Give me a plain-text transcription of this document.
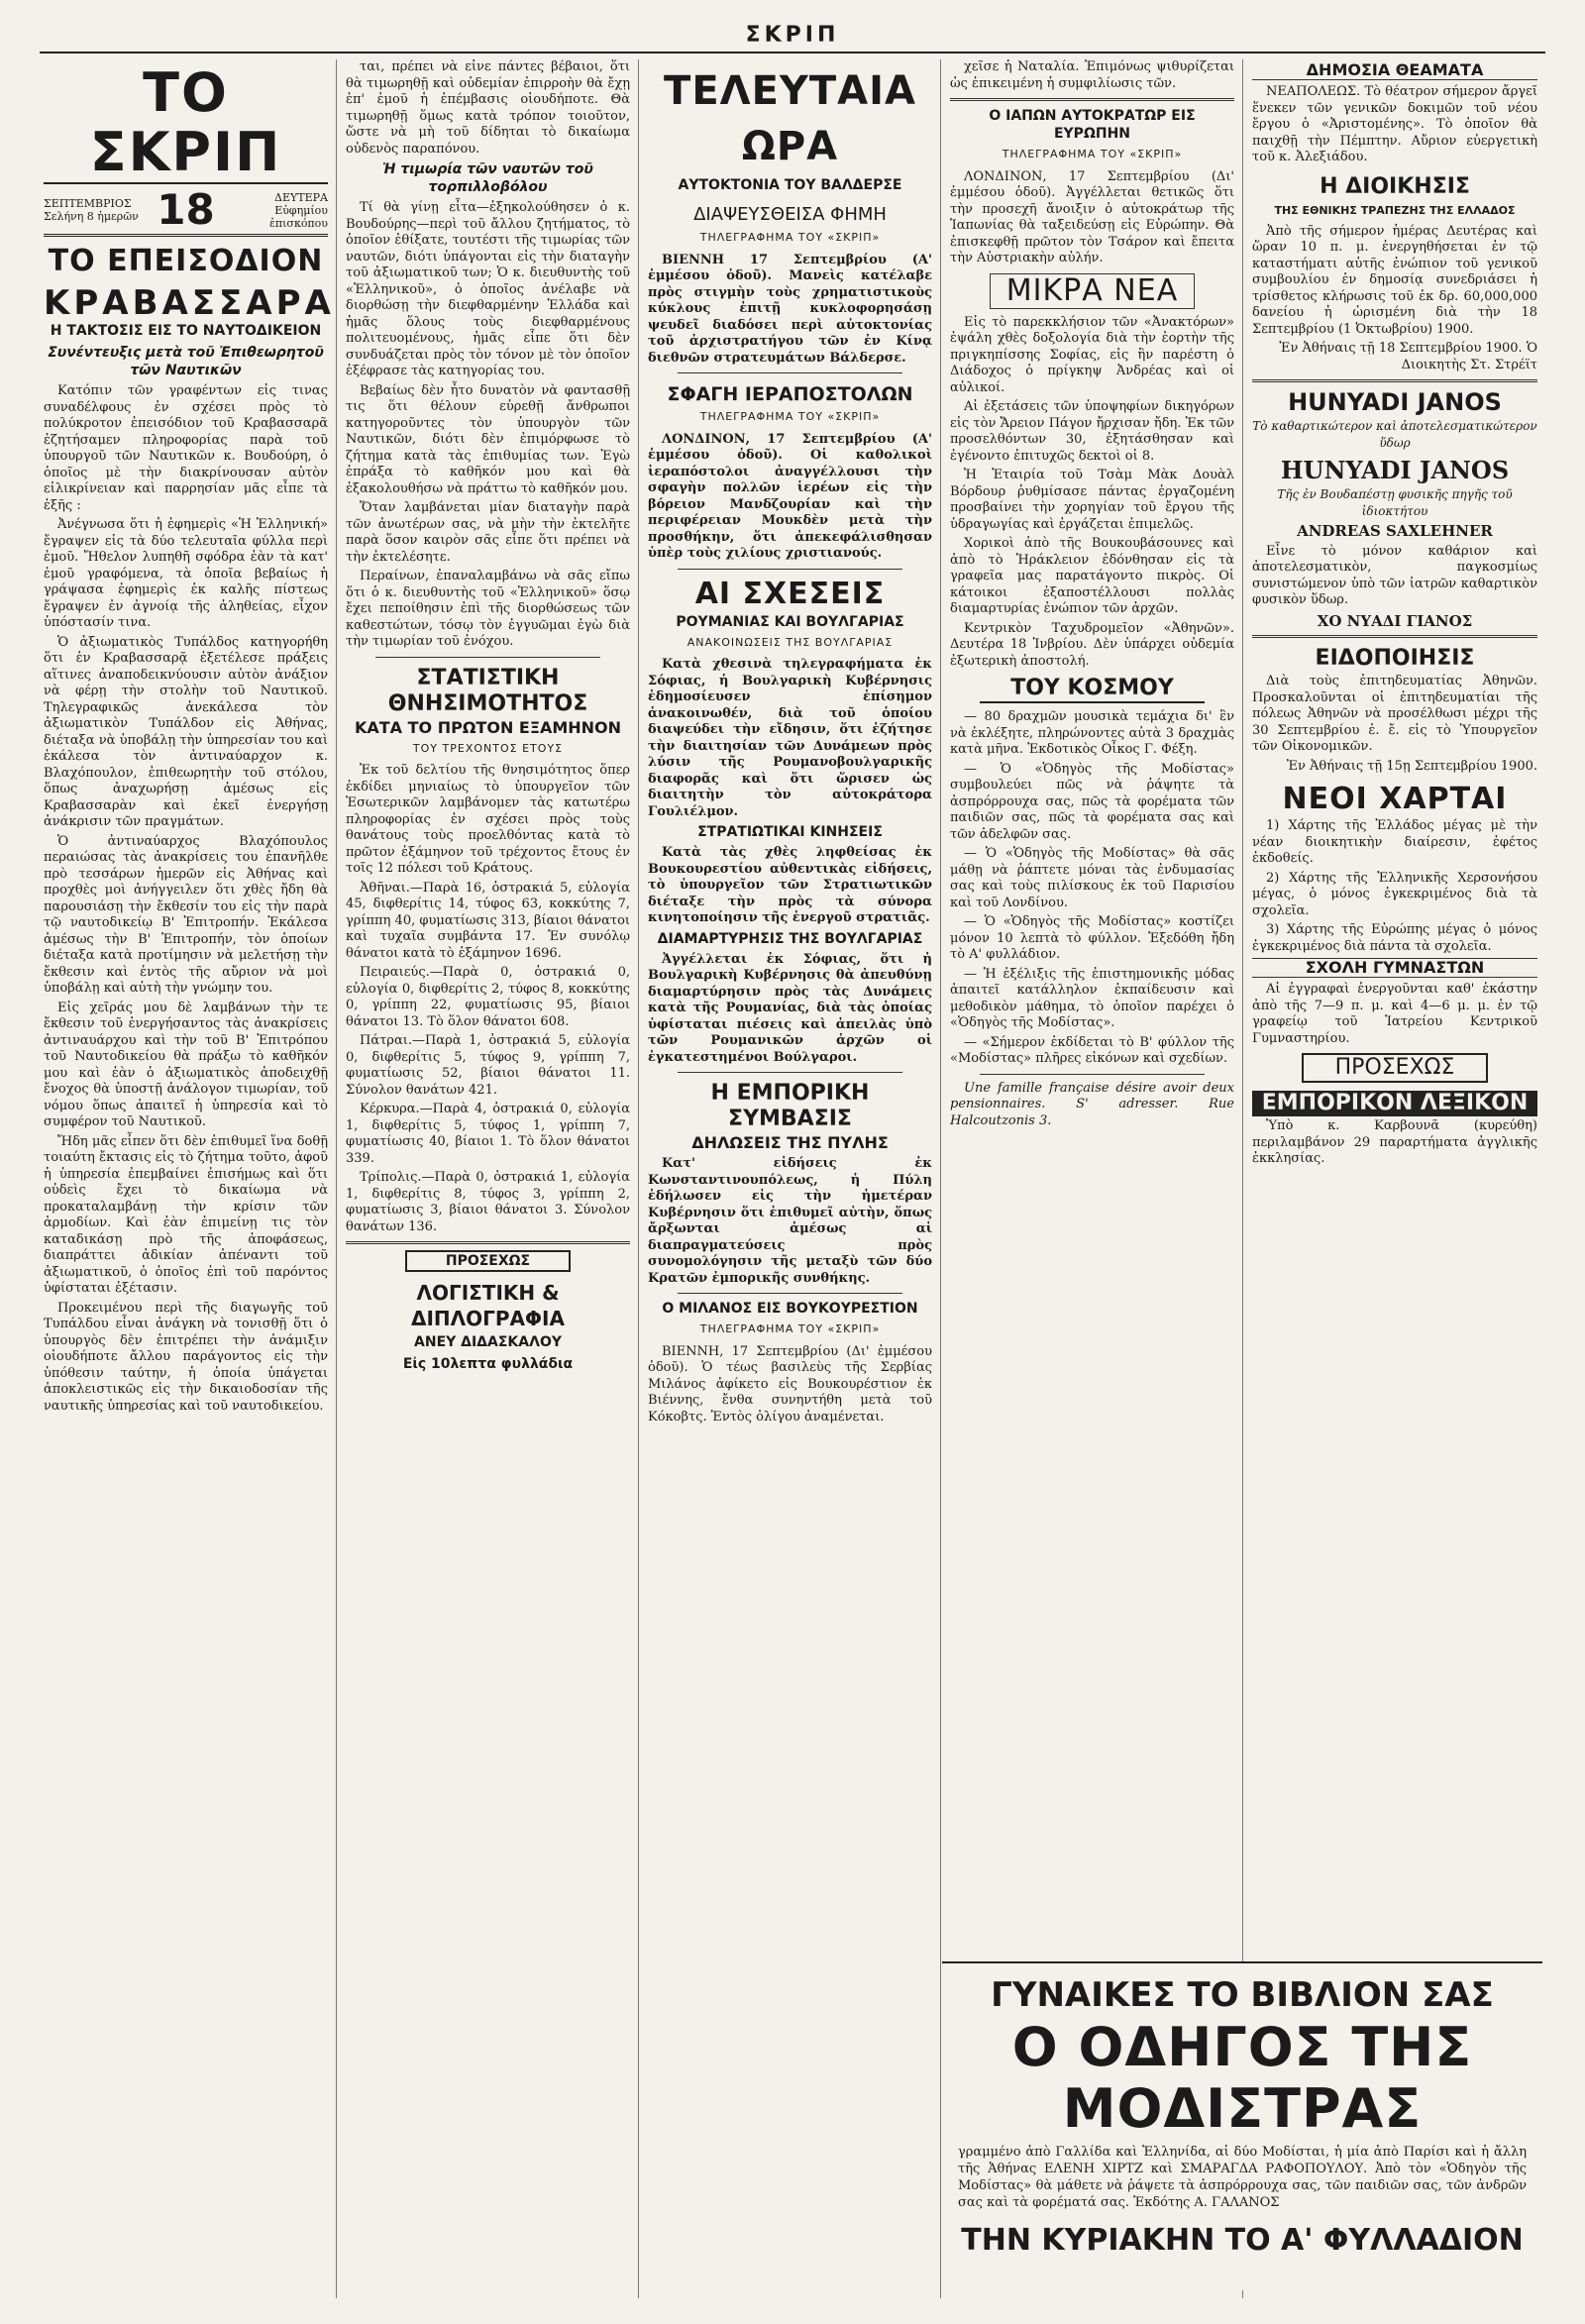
ΣΚΡΙΠ
ΤΟ ΣΚΡΙΠ
ΣΕΠΤΕΜΒΡΙΟΣ
Σελήνη 8 ἡμερῶν 18	ΔΕΥΤΕΡΑ
Εὐφημίου ἐπισκόπου
ΤΟ ΕΠΕΙΣΟΔΙΟΝ
ΚΡΑΒΑΣΣΑΡΑ
Η ΤΑΚΤΟΣΙΣ ΕΙΣ ΤΟ ΝΑΥΤΟΔΙΚΕΙΟΝ
Συνέντευξις μετὰ τοῦ Ἐπιθεωρητοῦ τῶν Ναυτικῶν

Κατόπιν τῶν γραφέντων εἰς τινας συναδέλφους ἐν σχέσει πρὸς τὸ πολύκροτον ἐπεισόδιον τοῦ Κραβασσαρᾶ ἐζητήσαμεν πληροφορίας παρὰ τοῦ ὑπουργοῦ τῶν Ναυτικῶν κ. Βουδούρη, ὁ ὁποῖος μὲ τὴν διακρίνουσαν αὐτὸν εἰλικρίνειαν καὶ παρρησίαν μᾶς εἶπε τὰ ἑξῆς :

Ἀνέγνωσα ὅτι ἡ ἐφημερὶς «Ἡ Ἑλληνική» ἔγραψεν εἰς τὰ δύο τελευταῖα φύλλα περὶ ἐμοῦ. Ἤθελον λυπηθῆ σφόδρα ἐὰν τὰ κατ' ἐμοῦ γραφόμενα, τὰ ὁποῖα βεβαίως ἡ γράψασα ἐφημερὶς ἐκ καλῆς πίστεως ἔγραψεν ἐν ἀγνοίᾳ τῆς ἀληθείας, εἶχον ὑπόστασίν τινα.

Ὁ ἀξιωματικὸς Τυπάλδος κατηγορήθη ὅτι ἐν Κραβασσαρᾷ ἐξετέλεσε πράξεις αἵτινες ἀναποδεικνύουσιν αὐτὸν ἀνάξιον νὰ φέρῃ τὴν στολὴν τοῦ Ναυτικοῦ. Τηλεγραφικῶς ἀνεκάλεσα τὸν ἀξιωματικὸν Τυπάλδον εἰς Ἀθήνας, διέταξα νὰ ὑποβάλῃ τὴν ὑπηρεσίαν του καὶ ἐκάλεσα τὸν ἀντιναύαρχον κ. Βλαχόπουλον, ἐπιθεωρητὴν τοῦ στόλου, ὅπως ἀναχωρήσῃ ἀμέσως εἰς Κραβασσαρὰν καὶ ἐκεῖ ἐνεργήσῃ ἀνάκρισιν τῶν πραγμάτων.

Ὁ ἀντιναύαρχος Βλαχόπουλος περαιώσας τὰς ἀνακρίσεις του ἐπανῆλθε πρὸ τεσσάρων ἡμερῶν εἰς Ἀθήνας καὶ προχθὲς μοὶ ἀνήγγειλεν ὅτι χθὲς ἤδη θὰ παρουσιάσῃ τὴν ἔκθεσίν του εἰς τὴν παρὰ τῷ ναυτοδικείῳ Β' Ἐπιτροπήν. Ἐκάλεσα ἀμέσως τὴν Β' Ἐπιτροπήν, τὸν ὁποίων διέταξα κατὰ προτίμησιν νὰ μελετήσῃ τὴν ἔκθεσιν καὶ ἐντὸς τῆς αὔριον νὰ μοὶ ὑποβάλῃ καὶ αὐτὴ τὴν γνώμην του.

Εἰς χεῖράς μου δὲ λαμβάνων τὴν τε ἔκθεσιν τοῦ ἐνεργήσαντος τὰς ἀνακρίσεις ἀντιναυάρχου καὶ τὴν τοῦ Β' Ἐπιτρόπου τοῦ Ναυτοδικείου θὰ πράξω τὸ καθῆκόν μου καὶ ἐὰν ὁ ἀξιωματικὸς ἀποδειχθῇ ἔνοχος θὰ ὑποστῇ ἀνάλογον τιμωρίαν, τοῦ νόμου ὅπως ἀπαιτεῖ ἡ ὑπηρεσία καὶ τὸ συμφέρον τοῦ Ναυτικοῦ.

Ἤδη μᾶς εἶπεν ὅτι δὲν ἐπιθυμεῖ ἵνα δοθῇ τοιαύτη ἔκτασις εἰς τὸ ζήτημα τοῦτο, ἀφοῦ ἡ ὑπηρεσία ἐπεμβαίνει ἐπισήμως καὶ ὅτι οὐδεὶς ἔχει τὸ δικαίωμα νὰ προκαταλαμβάνῃ τὴν κρίσιν τῶν ἁρμοδίων. Καὶ ἐὰν ἐπιμείνῃ τις τὸν καταδικάσῃ πρὸ τῆς ἀποφάσεως, διαπράττει ἀδικίαν ἀπέναντι τοῦ ἀξιωματικοῦ, ὁ ὁποῖος ἐπὶ τοῦ παρόντος ὑφίσταται ἐξέτασιν.

Προκειμένου περὶ τῆς διαγωγῆς τοῦ Τυπάλδου εἶναι ἀνάγκη νὰ τονισθῇ ὅτι ὁ ὑπουργὸς δὲν ἐπιτρέπει τὴν ἀνάμιξιν οἱουδήποτε ἄλλου παράγοντος εἰς τὴν ὑπόθεσιν ταύτην, ἡ ὁποία ὑπάγεται ἀποκλειστικῶς εἰς τὴν δικαιοδοσίαν τῆς ναυτικῆς ὑπηρεσίας καὶ τοῦ ναυτοδικείου.

ται, πρέπει νὰ εἶνε πάντες βέβαιοι, ὅτι θὰ τιμωρηθῇ καὶ οὐδεμίαν ἐπιρροὴν θὰ ἔχῃ ἐπ' ἐμοῦ ἡ ἐπέμβασις οἱουδήποτε. Θὰ τιμωρηθῇ ὅμως κατὰ τρόπον τοιοῦτον, ὥστε νὰ μὴ τοῦ δίδηται τὸ δικαίωμα οὐδενὸς παραπόνου.

Ἡ τιμωρία τῶν ναυτῶν τοῦ τορπιλλοβόλου

Τί θὰ γίνῃ εἶτα—ἐξηκολούθησεν ὁ κ. Βουδούρης—περὶ τοῦ ἄλλου ζητήματος, τὸ ὁποῖον ἐθίξατε, τουτέστι τῆς τιμωρίας τῶν ναυτῶν, διότι ὑπάγονται εἰς τὴν διαταγὴν τοῦ ἀξιωματικοῦ των; Ὁ κ. διευθυντὴς τοῦ «Ἑλληνικοῦ», ὁ ὁποῖος ἀνέλαβε νὰ διορθώσῃ τὴν διεφθαρμένην Ἑλλάδα καὶ ἡμᾶς ὅλους τοὺς διεφθαρμένους πολιτευομένους, ἡμᾶς εἶπε ὅτι δὲν συνδυάζεται πρὸς τὸν τόνον μὲ τὸν ὁποῖον ἐξέφρασε τὰς κατηγορίας του.

Βεβαίως δὲν ἦτο δυνατὸν νὰ φαντασθῇ τις ὅτι θέλουν εὑρεθῇ ἄνθρωποι κατηγοροῦντες τὸν ὑπουργὸν τῶν Ναυτικῶν, διότι δὲν ἐπιμόρφωσε τὸ ζήτημα κατὰ τὰς ἐπιθυμίας των. Ἐγὼ ἐπράξα τὸ καθῆκόν μου καὶ θὰ ἐξακολουθήσω νὰ πράττω τὸ καθῆκόν μου.

Ὅταν λαμβάνεται μίαν διαταγὴν παρὰ τῶν ἀνωτέρων σας, νὰ μὴν τὴν ἐκτελῆτε παρὰ ὅσον καιρὸν σᾶς εἶπε ὅτι πρέπει νὰ τὴν ἐκτελέσητε.

Περαίνων, ἐπαναλαμβάνω νὰ σᾶς εἴπω ὅτι ὁ κ. διευθυντὴς τοῦ «Ἑλληνικοῦ» ὅσῳ ἔχει πεποίθησιν ἐπὶ τῆς διορθώσεως τῶν καθεστώτων, τόσῳ τὸν ἐγγυῶμαι ἐγὼ διὰ τὴν τιμωρίαν τοῦ ἐνόχου.

ΣΤΑΤΙΣΤΙΚΗ ΘΝΗΣΙΜΟΤΗΤΟΣ
ΚΑΤΑ ΤΟ ΠΡΩΤΟΝ ΕΞΑΜΗΝΟΝ
ΤΟΥ ΤΡΕΧΟΝΤΟΣ ΕΤΟΥΣ

Ἐκ τοῦ δελτίου τῆς θνησιμότητος ὅπερ ἐκδίδει μηνιαίως τὸ ὑπουργεῖον τῶν Ἐσωτερικῶν λαμβάνομεν τὰς κατωτέρω πληροφορίας ἐν σχέσει πρὸς τοὺς θανάτους τοὺς προελθόντας κατὰ τὸ πρῶτον ἑξάμηνον τοῦ τρέχοντος ἔτους ἐν τοῖς 12 πόλεσι τοῦ Κράτους.

Ἀθῆναι.—Παρὰ 16, ὀστρακιά 5, εὐλογία 45, διφθερίτις 14, τύφος 63, κοκκύτης 7, γρίππη 40, φυματίωσις 313, βίαιοι θάνατοι καὶ τυχαῖα συμβάντα 17. Ἐν συνόλῳ θάνατοι κατὰ τὸ ἑξάμηνον 1696.

Πειραιεύς.—Παρὰ 0, ὀστρακιά 0, εὐλογία 0, διφθερίτις 2, τύφος 8, κοκκύτης 0, γρίππη 22, φυματίωσις 95, βίαιοι θάνατοι 13. Τὸ ὅλον θάνατοι 608.

Πάτραι.—Παρὰ 1, ὀστρακιά 5, εὐλογία 0, διφθερίτις 5, τύφος 9, γρίππη 7, φυματίωσις 52, βίαιοι θάνατοι 11. Σύνολον θανάτων 421.

Κέρκυρα.—Παρὰ 4, ὀστρακιά 0, εὐλογία 1, διφθερίτις 5, τύφος 1, γρίππη 7, φυματίωσις 40, βίαιοι 1. Τὸ ὅλον θάνατοι 339.

Τρίπολις.—Παρὰ 0, ὀστρακιά 1, εὐλογία 1, διφθερίτις 8, τύφος 3, γρίππη 2, φυματίωσις 3, βίαιοι θάνατοι 3. Σύνολον θανάτων 136.

ΠΡΟΣΕΧΩΣ
ΛΟΓΙΣΤΙΚΗ & ΔΙΠΛΟΓΡΑΦΙΑ
ΑΝΕΥ ΔΙΔΑΣΚΑΛΟΥ
Εἰς 10λεπτα φυλλάδια
ΤΕΛΕΥΤΑΙΑ ΩΡΑ
ΑΥΤΟΚΤΟΝΙΑ ΤΟΥ ΒΑΛΔΕΡΣΕ
ΔΙΑΨΕΥΣΘΕΙΣΑ ΦΗΜΗ
ΤΗΛΕΓΡΑΦΗΜΑ ΤΟΥ «ΣΚΡΙΠ»

ΒΙΕΝΝΗ 17 Σεπτεμβρίου (Α' ἐμμέσου ὁδοῦ). Μανεὶς κατέλαβε πρὸς στιγμὴν τοὺς χρηματιστικοὺς κύκλους ἐπιτῇ κυκλοφορησάσῃ ψευδεῖ διαδόσει περὶ αὐτοκτονίας τοῦ ἀρχιστρατήγου τῶν ἐν Κίνᾳ διεθνῶν στρατευμάτων Βάλδερσε.

ΣΦΑΓΗ ΙΕΡΑΠΟΣΤΟΛΩΝ
ΤΗΛΕΓΡΑΦΗΜΑ ΤΟΥ «ΣΚΡΙΠ»

ΛΟΝΔΙΝΟΝ, 17 Σεπτεμβρίου (Α' ἐμμέσου ὁδοῦ). Οἱ καθολικοὶ ἱεραπόστολοι ἀναγγέλλουσι τὴν σφαγὴν πολλῶν ἱερέων εἰς τὴν βόρειον Μανδζουρίαν καὶ τὴν περιφέρειαν Μουκδὲν μετὰ τὴν προσθήκην, ὅτι ἀπεκεφάλισθησαν ὑπὲρ τοὺς χιλίους χριστιανούς.

ΑΙ ΣΧΕΣΕΙΣ
ΡΟΥΜΑΝΙΑΣ ΚΑΙ ΒΟΥΛΓΑΡΙΑΣ
ΑΝΑΚΟΙΝΩΣΕΙΣ ΤΗΣ ΒΟΥΛΓΑΡΙΑΣ

Κατὰ χθεσινὰ τηλεγραφήματα ἐκ Σόφιας, ἡ Βουλγαρικὴ Κυβέρνησις ἐδημοσίευσεν ἐπίσημον ἀνακοινωθέν, διὰ τοῦ ὁποίου διαψεύδει τὴν εἴδησιν, ὅτι ἐζήτησε τὴν διαιτησίαν τῶν Δυνάμεων πρὸς λύσιν τῆς Ρουμανοβουλγαρικῆς διαφορᾶς καὶ ὅτι ὥρισεν ὡς διαιτητὴν τὸν αὐτοκράτορα Γουλιέλμον.

ΣΤΡΑΤΙΩΤΙΚΑΙ ΚΙΝΗΣΕΙΣ

Κατὰ τὰς χθὲς ληφθείσας ἐκ Βουκουρεστίου αὐθεντικὰς εἰδήσεις, τὸ ὑπουργεῖον τῶν Στρατιωτικῶν διέταξε τὴν πρὸς τὰ σύνορα κινητοποίησιν τῆς ἐνεργοῦ στρατιᾶς.

ΔΙΑΜΑΡΤΥΡΗΣΙΣ ΤΗΣ ΒΟΥΛΓΑΡΙΑΣ

Ἀγγέλλεται ἐκ Σόφιας, ὅτι ἡ Βουλγαρικὴ Κυβέρνησις θὰ ἀπευθύνῃ διαμαρτύρησιν πρὸς τὰς Δυνάμεις κατὰ τῆς Ρουμανίας, διὰ τὰς ὁποίας ὑφίσταται πιέσεις καὶ ἀπειλὰς ὑπὸ τῶν Ρουμανικῶν ἀρχῶν οἱ ἐγκατεστημένοι Βούλγαροι.

Η ΕΜΠΟΡΙΚΗ ΣΥΜΒΑΣΙΣ
ΔΗΛΩΣΕΙΣ ΤΗΣ ΠΥΛΗΣ

Κατ' εἰδήσεις ἐκ Κωνσταντινουπόλεως, ἡ Πύλη ἐδήλωσεν εἰς τὴν ἡμετέραν Κυβέρνησιν ὅτι ἐπιθυμεῖ αὐτὴν, ὅπως ἄρξωνται ἀμέσως αἱ διαπραγματεύσεις πρὸς συνομολόγησιν τῆς μεταξὺ τῶν δύο Κρατῶν ἐμπορικῆς συνθήκης.

Ο ΜΙΛΑΝΟΣ ΕΙΣ ΒΟΥΚΟΥΡΕΣΤΙΟΝ
ΤΗΛΕΓΡΑΦΗΜΑ ΤΟΥ «ΣΚΡΙΠ»

ΒΙΕΝΝΗ, 17 Σεπτεμβρίου (Δι' ἐμμέσου ὁδοῦ). Ὁ τέως βασιλεὺς τῆς Σερβίας Μιλάνος ἀφίκετο εἰς Βουκουρέστιον ἐκ Βιέννης, ἔνθα συνηντήθη μετὰ τοῦ Κόκοβτς. Ἐντὸς ὀλίγου ἀναμένεται.

χεῖσε ἡ Ναταλία. Ἐπιμόνως ψιθυρίζεται ὡς ἐπικειμένη ἡ συμφιλίωσις τῶν.

Ο ΙΑΠΩΝ ΑΥΤΟΚΡΑΤΩΡ ΕΙΣ ΕΥΡΩΠΗΝ
ΤΗΛΕΓΡΑΦΗΜΑ ΤΟΥ «ΣΚΡΙΠ»

ΛΟΝΔΙΝΟΝ, 17 Σεπτεμβρίου (Δι' ἐμμέσου ὁδοῦ). Ἀγγέλλεται θετικῶς ὅτι τὴν προσεχῆ ἄνοιξιν ὁ αὐτοκράτωρ τῆς Ἰαπωνίας θὰ ταξειδεύσῃ εἰς Εὐρώπην. Θὰ ἐπισκεφθῇ πρῶτον τὸν Τσάρον καὶ ἔπειτα τὴν Αὐστριακὴν αὐλήν.

ΜΙΚΡΑ ΝΕΑ

Εἰς τὸ παρεκκλήσιον τῶν «Ἀνακτόρων» ἐψάλη χθὲς δοξολογία διὰ τὴν ἑορτὴν τῆς πριγκηπίσσης Σοφίας, εἰς ἣν παρέστη ὁ Διάδοχος ὁ πρίγκηψ Ἀνδρέας καὶ οἱ αὐλικοί.

Αἱ ἐξετάσεις τῶν ὑποψηφίων δικηγόρων εἰς τὸν Ἄρειον Πάγον ἤρχισαν ἤδη. Ἐκ τῶν προσελθόντων 30, ἐξητάσθησαν καὶ ἐγένοντο ἐπιτυχῶς δεκτοὶ οἱ 8.

Ἡ Ἑταιρία τοῦ Τσὰμ Μὰκ Δουὰλ Βόρδουρ ῥυθμίσασε πάντας ἐργαζομένη προσβαίνει τὴν χορηγίαν τοῦ ἔργου τῆς ὑδραγωγίας καὶ ἐργάζεται ἐπιμελῶς.

Χορικοὶ ἀπὸ τῆς Βουκουβάσουνες καὶ ἀπὸ τὸ Ἡράκλειον ἐδόνθησαν εἰς τὰ γραφεῖα μας παρατάγοντο πικρὸς. Οἱ κάτοικοι ἐξαποστέλλουσι πολλὰς διαμαρτυρίας ἐνώπιον τῶν ἀρχῶν.

Κεντρικὸν Ταχυδρομεῖον «Ἀθηνῶν». Δευτέρα 18 Ἰνβρίου. Δὲν ὑπάρχει οὐδεμία ἐξωτερικὴ ἀποστολή.

ΤΟΥ ΚΟΣΜΟΥ

— 80 δραχμῶν μουσικὰ τεμάχια δι' ἓν νὰ ἐκλέξητε, πληρώνοντες αὐτὰ 3 δραχμὰς κατὰ μῆνα. Ἐκδοτικὸς Οἶκος Γ. Φέξη.

— Ὁ «Ὁδηγὸς τῆς Μοδίστας» συμβουλεύει πῶς νὰ ῥάψητε τὰ ἀσπρόρρουχα σας, πῶς τὰ φορέματα τῶν παιδιῶν σας, πῶς τὰ φορέματα σας καὶ τῶν ἀδελφῶν σας.

— Ὁ «Ὁδηγὸς τῆς Μοδίστας» θὰ σᾶς μάθῃ νὰ ῥάπτετε μόναι τὰς ἐνδυμασίας σας καὶ τοὺς πιλίσκους ἐκ τοῦ Παρισίου καὶ τοῦ Λονδίνου.

— Ὁ «Ὁδηγὸς τῆς Μοδίστας» κοστίζει μόνον 10 λεπτὰ τὸ φύλλον. Ἐξεδόθη ἤδη τὸ Α' φυλλάδιον.

— Ἡ ἐξέλιξις τῆς ἐπιστημονικῆς μόδας ἀπαιτεῖ κατάλληλον ἐκπαίδευσιν καὶ μεθοδικὸν μάθημα, τὸ ὁποῖον παρέχει ὁ «Ὁδηγὸς τῆς Μοδίστας».

— «Σήμερον ἐκδίδεται τὸ Β' φύλλον τῆς «Μοδίστας» πλῆρες εἰκόνων καὶ σχεδίων.

Une famille française désire avoir deux pensionnaires. S' adresser. Rue Halcoutzonis 3.

ΔΗΜΟΣΙΑ ΘΕΑΜΑΤΑ

ΝΕΑΠΟΛΕΩΣ. Τὸ θέατρον σήμερον ἄργεῖ ἕνεκεν τῶν γενικῶν δοκιμῶν τοῦ νέου ἔργου ὁ «Ἀριστομένης». Τὸ ὁποῖον θὰ παιχθῇ τὴν Πέμπτην. Αὔριον εὐεργετικὴ τοῦ κ. Ἀλεξιάδου.

Η ΔΙΟΙΚΗΣΙΣ
ΤΗΣ ΕΘΝΙΚΗΣ ΤΡΑΠΕΖΗΣ ΤΗΣ ΕΛΛΑΔΟΣ

Ἀπὸ τῆς σήμερον ἡμέρας Δευτέρας καὶ ὥραν 10 π. μ. ἐνεργηθήσεται ἐν τῷ καταστήματι αὐτῆς ἐνώπιον τοῦ γενικοῦ συμβουλίου ἐν δημοσίᾳ συνεδριάσει ἡ τρίσθετος κλήρωσις τοῦ ἐκ δρ. 60,000,000 δανείου ἡ ὡρισμένη διὰ τὴν 18 Σεπτεμβρίου (1 Ὀκτωβρίου) 1900.

Ἐν Ἀθήναις τῇ 18 Σεπτεμβρίου 1900. Ὁ Διοικητὴς Στ. Στρέϊτ

HUNYADI JANOS
Τὸ καθαρτικώτερον καὶ ἀποτελεσματικώτερον ὕδωρ
HUNYADI JANOS
Τῆς ἐν Βουδαπέστῃ φυσικῆς πηγῆς τοῦ ἰδιοκτήτου
ANDREAS SAXLEHNER

Εἶνε τὸ μόνον καθάριον καὶ ἀποτελεσματικὸν, παγκοσμίως συνιστώμενον ὑπὸ τῶν ἰατρῶν καθαρτικὸν φυσικὸν ὕδωρ.

ΧΟ ΝΥΑΔΙ ΓΙΑΝΟΣ
ΕΙΔΟΠΟΙΗΣΙΣ

Διὰ τοὺς ἐπιτηδευματίας Ἀθηνῶν. Προσκαλοῦνται οἱ ἐπιτηδευματίαι τῆς πόλεως Ἀθηνῶν νὰ προσέλθωσι μέχρι τῆς 30 Σεπτεμβρίου ἐ. ἔ. εἰς τὸ Ὑπουργεῖον τῶν Οἰκονομικῶν.

Ἐν Ἀθήναις τῇ 15ῃ Σεπτεμβρίου 1900.

ΝΕΟΙ ΧΑΡΤΑΙ

1) Χάρτης τῆς Ἑλλάδος μέγας μὲ τὴν νέαν διοικητικὴν διαίρεσιν, ἐφέτος ἐκδοθείς.

2) Χάρτης τῆς Ἑλληνικῆς Χερσονήσου μέγας, ὁ μόνος ἐγκεκριμένος διὰ τὰ σχολεῖα.

3) Χάρτης τῆς Εὐρώπης μέγας ὁ μόνος ἐγκεκριμένος διὰ πάντα τὰ σχολεῖα.

ΣΧΟΛΗ ΓΥΜΝΑΣΤΩΝ

Αἱ ἐγγραφαὶ ἐνεργοῦνται καθ' ἑκάστην ἀπὸ τῆς 7—9 π. μ. καὶ 4—6 μ. μ. ἐν τῷ γραφείῳ τοῦ Ἰατρείου Κεντρικοῦ Γυμναστηρίου.

ΠΡΟΣΕΧΩΣ
ΕΜΠΟΡΙΚΟΝ ΛΕΞΙΚΟΝ

Ὑπὸ κ. Καρβουνᾶ (κυρεύθη) περιλαμβάνον 29 παραρτήματα ἀγγλικῆς ἐκκλησίας.

ΓΥΝΑΙΚΕΣ ΤΟ ΒΙΒΛΙΟΝ ΣΑΣ
Ο ΟΔΗΓΟΣ ΤΗΣ ΜΟΔΙΣΤΡΑΣ
γραμμένο ἀπὸ Γαλλίδα καὶ Ἑλληνίδα, αἱ δύο Μοδίσται, ἡ μία ἀπὸ Παρίσι καὶ ἡ ἄλλη τῆς Ἀθήνας ΕΛΕΝΗ ΧΙΡΤΖ καὶ ΣΜΑΡΑΓΔΑ ΡΑΦΟΠΟΥΛΟΥ. Ἀπὸ τὸν «Ὁδηγὸν τῆς Μοδίστας» θὰ μάθετε νὰ ῥάψετε τὰ ἀσπρόρρουχα σας, τῶν παιδιῶν σας, τῶν ἀνδρῶν σας καὶ τὰ φορέματά σας. Ἐκδότης Α. ΓΑΛΑΝΟΣ
ΤΗΝ ΚΥΡΙΑΚΗΝ ΤΟ Α' ΦΥΛΛΑΔΙΟΝ
